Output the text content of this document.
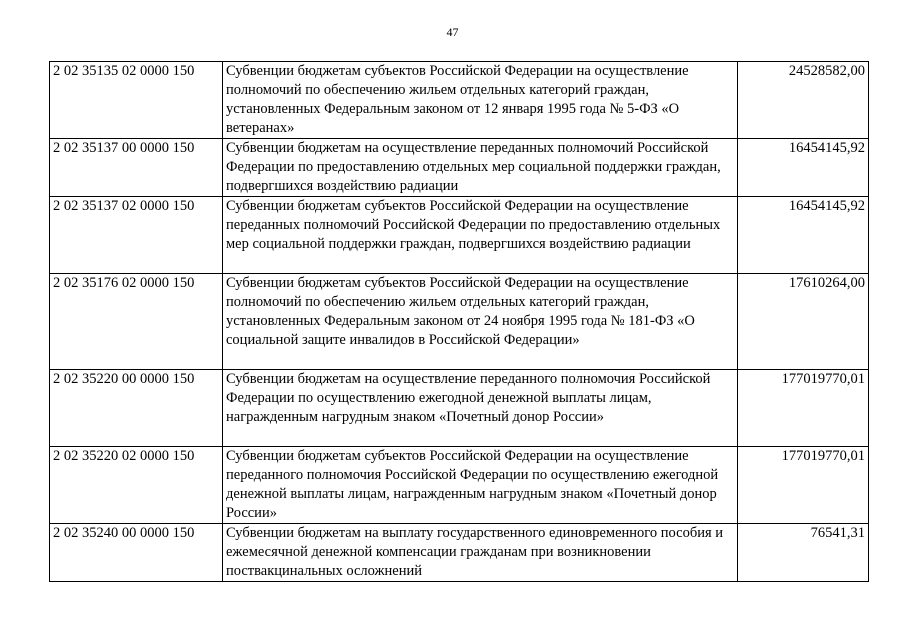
47
2 02 35135 02 0000 150	Субвенции бюджетам субъектов Российской Федерации на осуществление полномочий по обеспечению жильем отдельных категорий граждан, установленных Федеральным законом от 12 января 1995 года № 5-ФЗ «О ветеранах»	24528582,00
2 02 35137 00 0000 150	Субвенции бюджетам на осуществление переданных полномочий Российской Федерации по предоставлению отдельных мер социальной поддержки граждан, подвергшихся воздействию радиации	16454145,92
2 02 35137 02 0000 150	Субвенции бюджетам субъектов Российской Федерации на осуществление переданных полномочий Российской Федерации по предоставлению отдельных мер социальной поддержки граждан, подвергшихся воздействию радиации	16454145,92
2 02 35176 02 0000 150	Субвенции бюджетам субъектов Российской Федерации на осуществление полномочий по обеспечению жильем отдельных категорий граждан, установленных Федеральным законом от 24 ноября 1995 года № 181-ФЗ «О социальной защите инвалидов в Российской Федерации»	17610264,00
2 02 35220 00 0000 150	Субвенции бюджетам на осуществление переданного полномочия Российской Федерации по осуществлению ежегодной денежной выплаты лицам, награжденным нагрудным знаком «Почетный донор России»	177019770,01
2 02 35220 02 0000 150	Субвенции бюджетам субъектов Российской Федерации на осуществление переданного полномочия Российской Федерации по осуществлению ежегодной денежной выплаты лицам, награжденным нагрудным знаком «Почетный донор России»	177019770,01
2 02 35240 00 0000 150	Субвенции бюджетам на выплату государственного единовременного пособия и ежемесячной денежной компенсации гражданам при возникновении поствакцинальных осложнений	76541,31
